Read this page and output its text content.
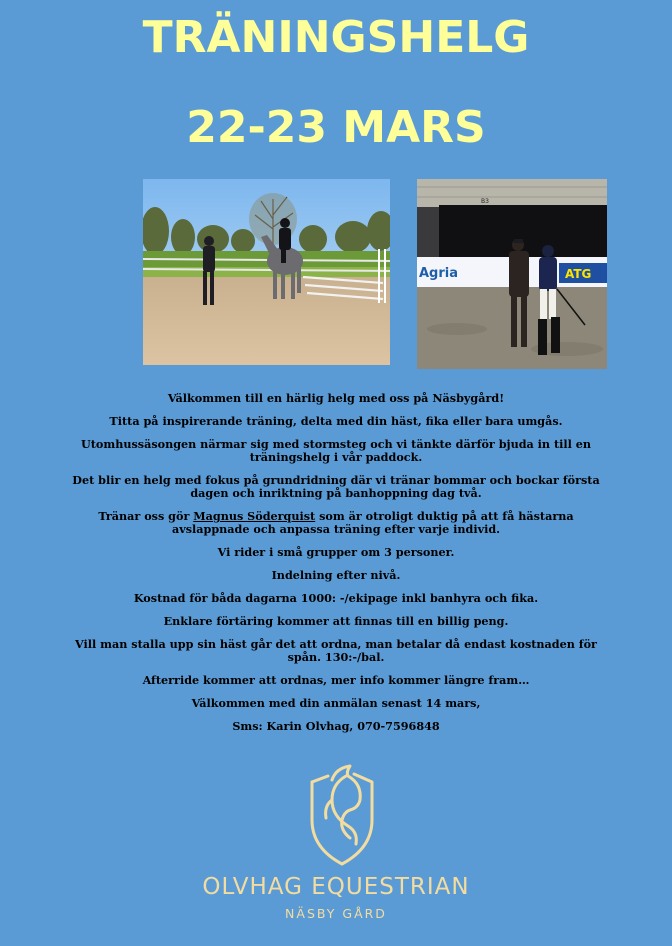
TRÄNINGSHELG
22-23 MARS
B3
Agria	ATG

Välkommen till en härlig helg med oss på Näsbygård!

Titta på inspirerande träning, delta med din häst, fika eller bara umgås.

Utomhussäsongen närmar sig med stormsteg och vi tänkte därför bjuda in till en träningshelg i vår paddock.

Det blir en helg med fokus på grundridning där vi tränar bommar och bockar första dagen och inriktning på banhoppning dag två.

Tränar oss gör Magnus Söderquist som är otroligt duktig på att få hästarna avslappnade och anpassa träning efter varje individ.

Vi rider i små grupper om 3 personer.

Indelning efter nivå.

Kostnad för båda dagarna 1000: -/ekipage inkl banhyra och fika.

Enklare förtäring kommer att finnas till en billig peng.

Vill man stalla upp sin häst går det att ordna, man betalar då endast kostnaden för spån. 130:-/bal.

Afterride kommer att ordnas, mer info kommer längre fram…

Välkommen med din anmälan senast 14 mars,

Sms: Karin Olvhag, 070-7596848

OLVHAG EQUESTRIAN
NÄSBY GÅRD
